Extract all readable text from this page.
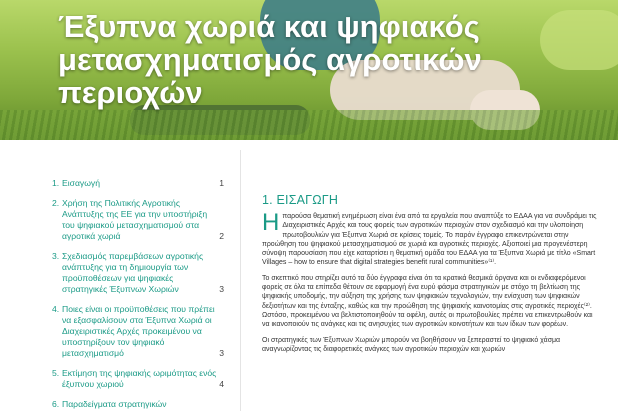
Έξυπνα χωριά και ψηφιακός μετασχηματισμός αγροτικών περιοχών
1. Εισαγωγή	1
2. Χρήση της Πολιτικής Αγροτικής Ανάπτυξης της ΕΕ για την υποστήριξη του ψηφιακού μετασχηματισμού στα αγροτικά χωριά	2
3. Σχεδιασμός παρεμβάσεων αγροτικής ανάπτυξης για τη δημιουργία των προϋποθέσεων για ψηφιακές στρατηγικές Έξυπνων Χωριών	3
4. Ποιες είναι οι προϋποθέσεις που πρέπει να εξασφαλίσουν στα Έξυπνα Χωριά οι Διαχειριστικές Αρχές προκειμένου να υποστηρίξουν τον ψηφιακό μετασχηματισμό	3
5. Εκτίμηση της ψηφιακής ωριμότητας ενός έξυπνου χωριού	4
6. Παραδείγματα στρατηγικών
1. ΕΙΣΑΓΩΓΗ

Ηπαρούσα θεματική ενημέρωση είναι ένα από τα εργαλεία που αναπτύξε το ΕΔΑΑ για να συνδράμει τις Διαχειριστικές Αρχές και τους φορείς των αγροτικών περιοχών στον σχεδιασμό και την υλοποίηση πρωτοβουλιών για Έξυπνα Χωριά σε κρίσεις τομείς. Το παρόν έγγραφο επικεντρώνεται στην προώθηση του ψηφιακού μετασχηματισμού σε χωριά και αγροτικές περιοχές. Αξιοποιεί μια προγενέστερη σύνοψη παρουσίαση που είχε καταρτίσει η θεματική ομάδα του ΕΔΑΑ για τα Έξυπνα Χωριά με τίτλο «Smart Villages – how to ensure that digital strategies benefit rural communities»⁽¹⁾.

Το σκεπτικό που στηρίζει αυτό τα δύο έγγραφα είναι ότι τα κρατικά θεσμικά όργανα και οι ενδιαφερόμενοι φορείς σε όλα τα επίπεδα θέτουν σε εφαρμογή ένα ευρύ φάσμα στρατηγικών με στόχο τη βελτίωση της ψηφιακής υποδομής, την αύξηση της χρήσης των ψηφιακών τεχνολογιών, την ενίσχυση των ψηφιακών δεξιοτήτων και της ένταξης, καθώς και την προώθηση της ψηφιακής καινοτομίας στις αγροτικές περιοχές⁽²⁾. Ωστόσο, προκειμένου να βελτιστοποιηθούν τα οφέλη, αυτές οι πρωτοβουλίες πρέπει να επικεντρωθούν και να ικανοποιούν τις ανάγκες και τις ανησυχίες των αγροτικών κοινοτήτων και των ίδιων των φορέων.

Οι στρατηγικές των Έξυπνων Χωριών μπορούν να βοηθήσουν να ξεπεραστεί το ψηφιακό χάσμα αναγνωρίζοντας τις διαφορετικές ανάγκες των αγροτικών περιοχών και χωριών
